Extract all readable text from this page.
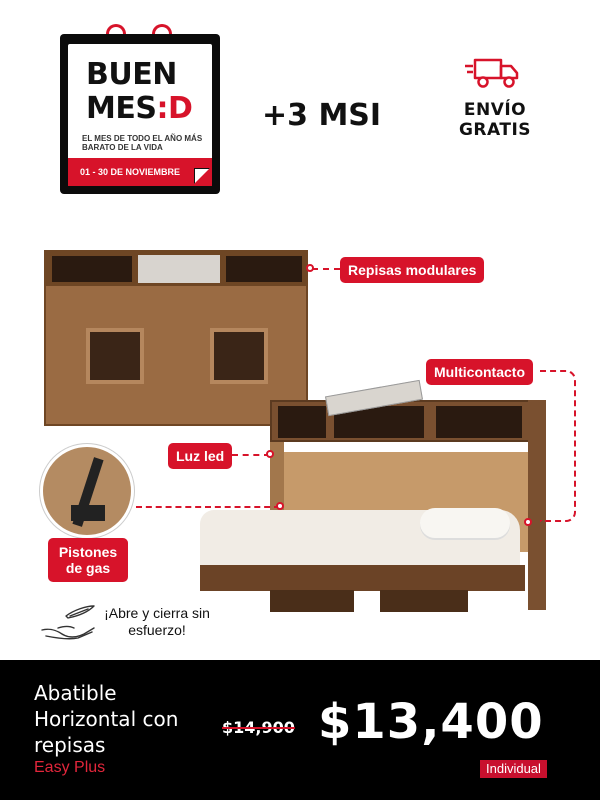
BUEN
MES:D
EL MES DE TODO EL AÑO MÁS BARATO DE LA VIDA
01 - 30 DE NOVIEMBRE
+3 MSI	ENVÍO GRATIS
Repisas modulares
Multicontacto
Luz led
Pistones de gas
¡Abre y cierra sin esfuerzo!
Abatible Horizontal con repisas
Easy Plus
$14,900 $13,400
Individual
